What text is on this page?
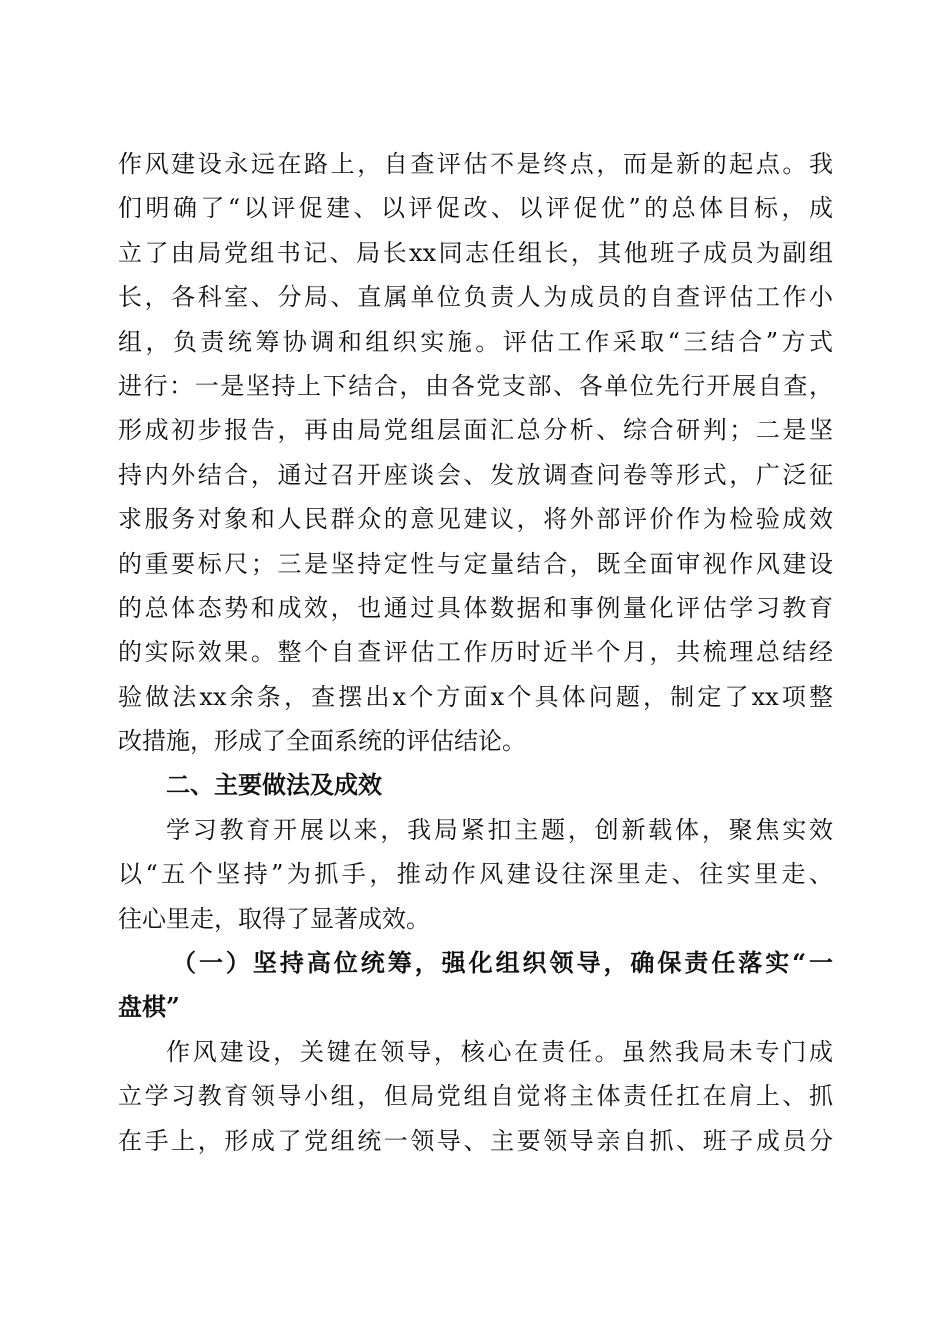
作风建设永远在路上，自查评估不是终点，而是新的起点。我
们明确了“以评促建、以评促改、以评促优”的总体目标，成
立了由局党组书记、局长xx同志任组长，其他班子成员为副组
长，各科室、分局、直属单位负责人为成员的自查评估工作小
组，负责统筹协调和组织实施。评估工作采取“三结合”方式
进行：一是坚持上下结合，由各党支部、各单位先行开展自查，
形成初步报告，再由局党组层面汇总分析、综合研判；二是坚
持内外结合，通过召开座谈会、发放调查问卷等形式，广泛征
求服务对象和人民群众的意见建议，将外部评价作为检验成效
的重要标尺；三是坚持定性与定量结合，既全面审视作风建设
的总体态势和成效，也通过具体数据和事例量化评估学习教育
的实际效果。整个自查评估工作历时近半个月，共梳理总结经
验做法xx余条，查摆出x个方面x个具体问题，制定了xx项整
改措施，形成了全面系统的评估结论。
二、主要做法及成效
学习教育开展以来，我局紧扣主题，创新载体，聚焦实效
以“五个坚持”为抓手，推动作风建设往深里走、往实里走、
往心里走，取得了显著成效。
（一）坚持高位统筹，强化组织领导，确保责任落实“一
盘棋”
作风建设，关键在领导，核心在责任。虽然我局未专门成
立学习教育领导小组，但局党组自觉将主体责任扛在肩上、抓
在手上，形成了党组统一领导、主要领导亲自抓、班子成员分
